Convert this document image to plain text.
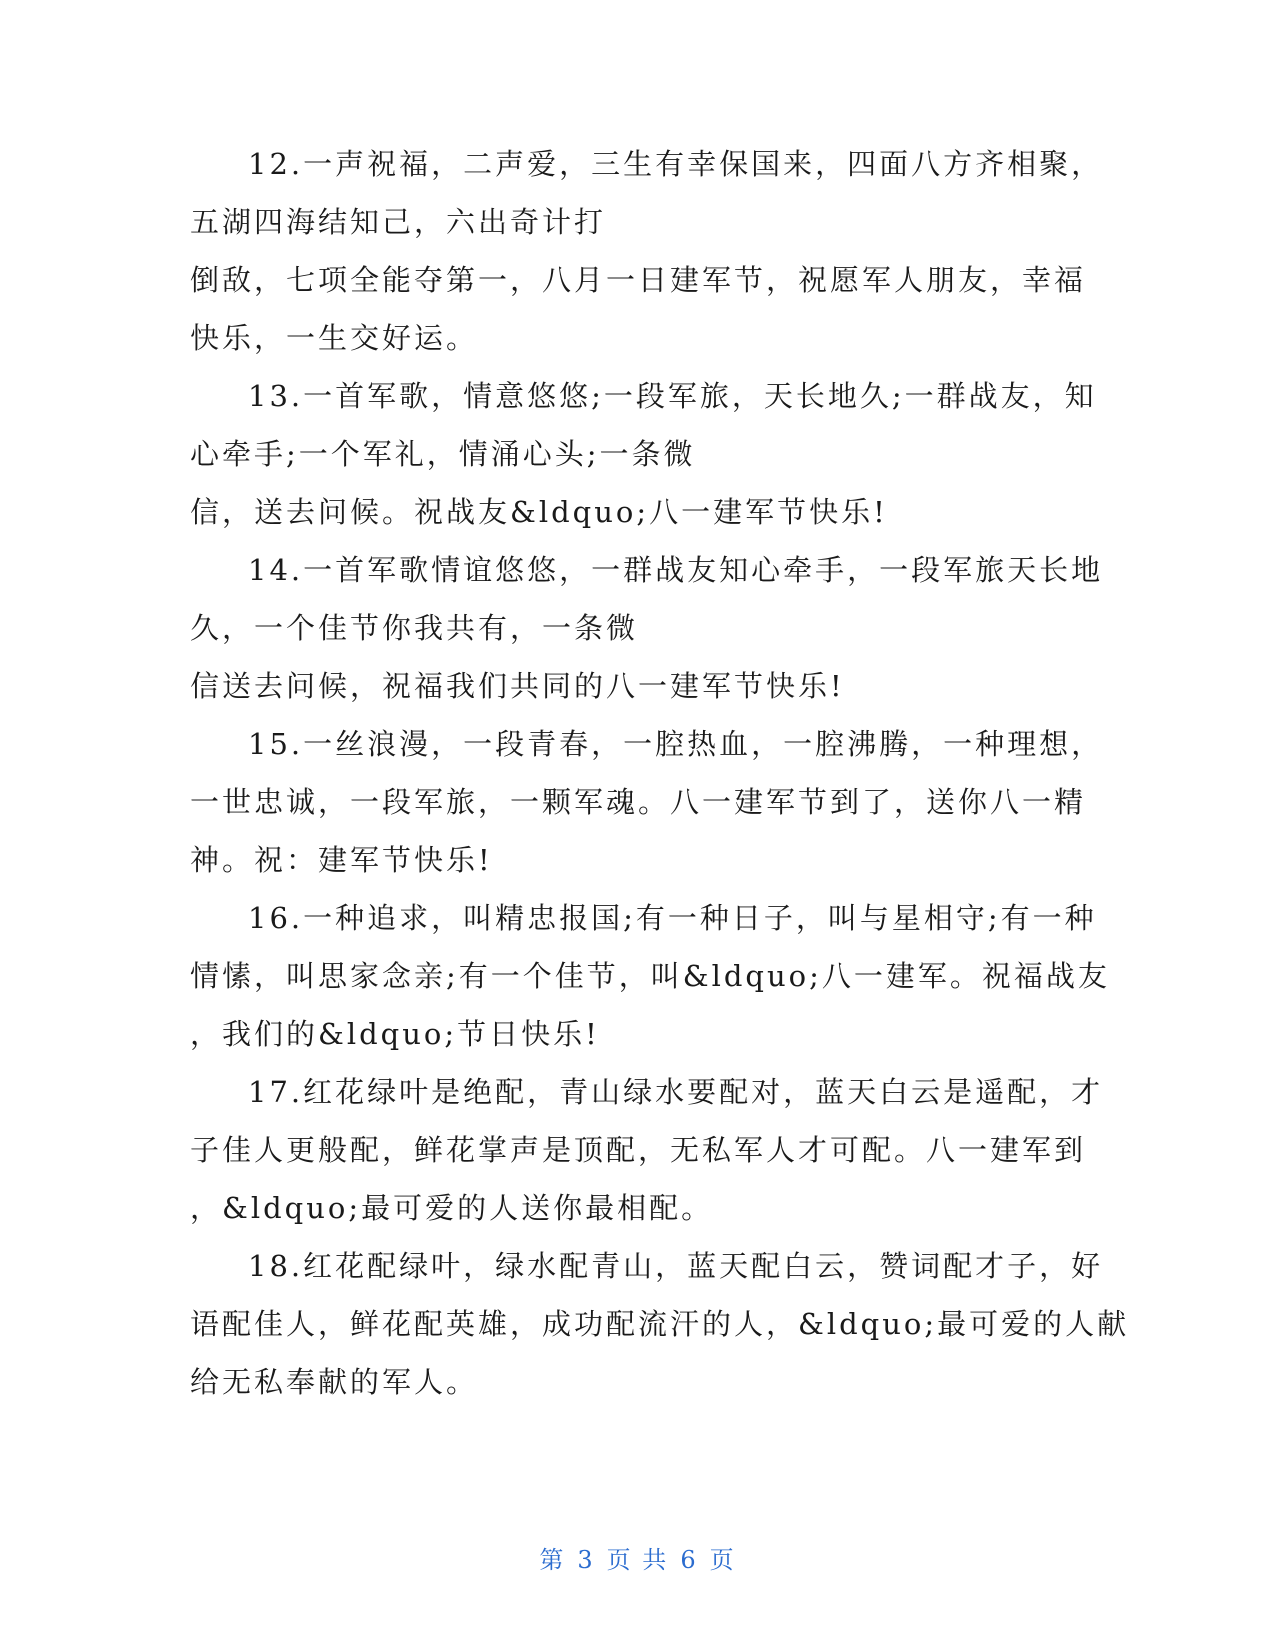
12.一声祝福，二声爱，三生有幸保国来，四面八方齐相聚，
五湖四海结知己，六出奇计打
倒敌，七项全能夺第一，八月一日建军节，祝愿军人朋友，幸福
快乐，一生交好运。
13.一首军歌，情意悠悠;一段军旅，天长地久;一群战友，知
心牵手;一个军礼，情涌心头;一条微
信，送去问候。祝战友&ldquo;八一建军节快乐!
14.一首军歌情谊悠悠，一群战友知心牵手，一段军旅天长地
久，一个佳节你我共有，一条微
信送去问候，祝福我们共同的八一建军节快乐!
15.一丝浪漫，一段青春，一腔热血，一腔沸腾，一种理想，
一世忠诚，一段军旅，一颗军魂。八一建军节到了，送你八一精
神。祝：建军节快乐!
16.一种追求，叫精忠报国;有一种日子，叫与星相守;有一种
情愫，叫思家念亲;有一个佳节，叫&ldquo;八一建军。祝福战友
，我们的&ldquo;节日快乐!
17.红花绿叶是绝配，青山绿水要配对，蓝天白云是遥配，才
子佳人更般配，鲜花掌声是顶配，无私军人才可配。八一建军到
，&ldquo;最可爱的人送你最相配。
18.红花配绿叶，绿水配青山，蓝天配白云，赞词配才子，好
语配佳人，鲜花配英雄，成功配流汗的人，&ldquo;最可爱的人献
给无私奉献的军人。
第 3 页 共 6 页
